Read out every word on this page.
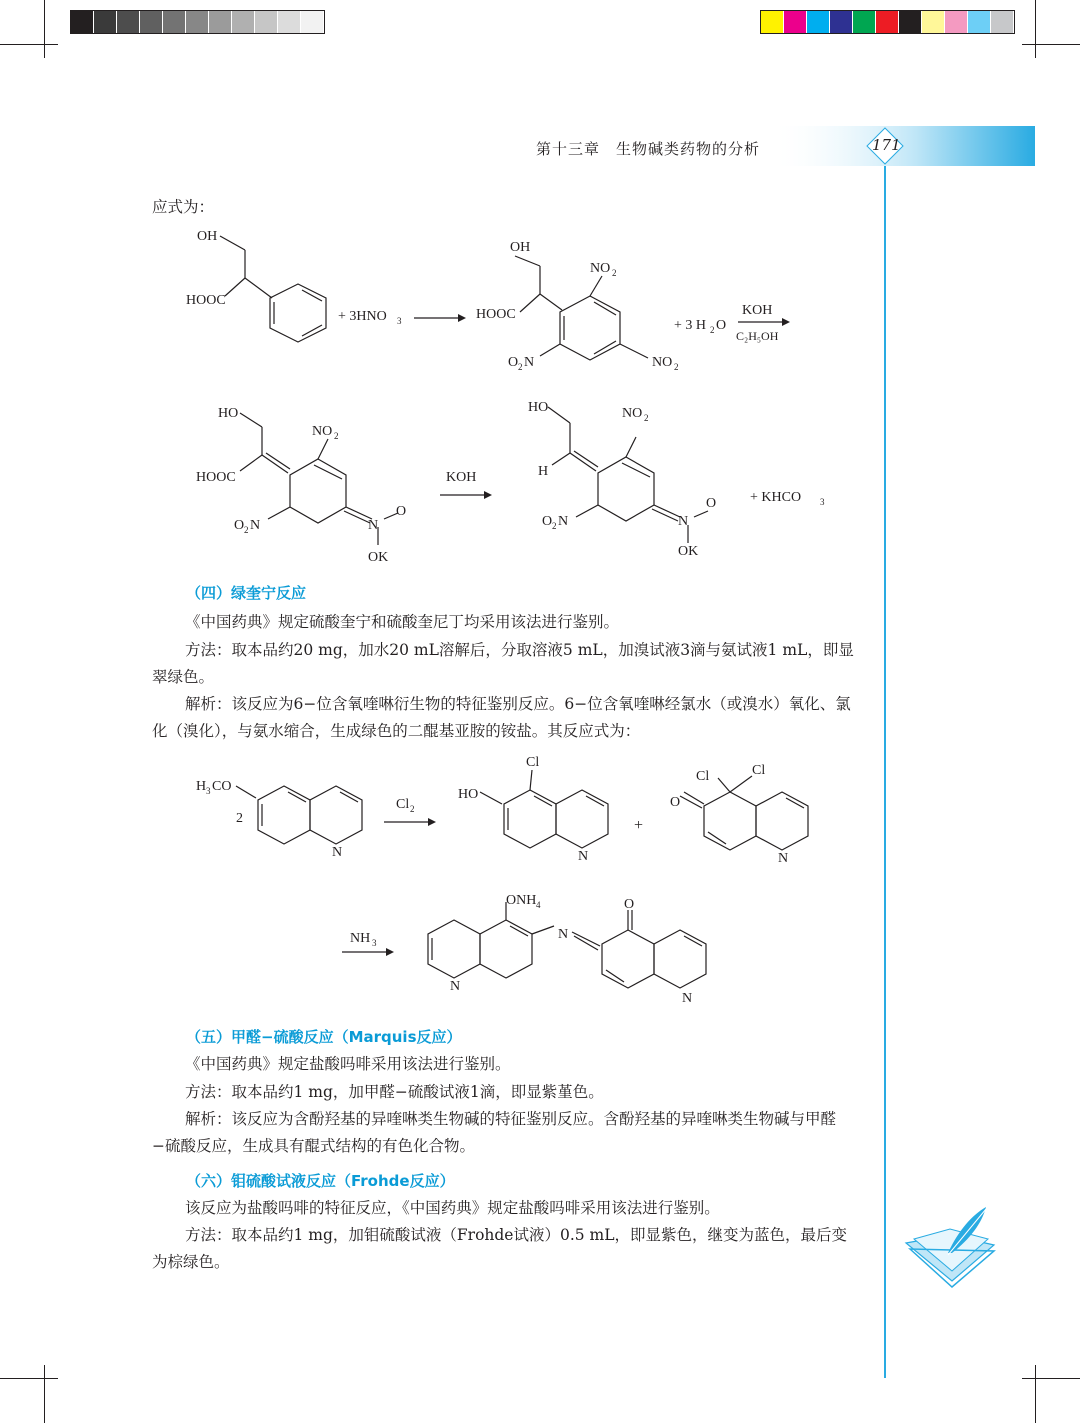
第十三章　生物碱类药物的分析	171
应式为：
OH
HOOC
+ 3HNO 3
OH
HOOC
NO 2
O 2 N	NO 2
+ 3 H 2 O
KOH
C₂H₅OH
HO
HOOC
NO 2
O 2 N	N
O
OK
KOH
HO	NO 2
H
O 2 N	N
O
OK
+ KHCO 3
（四）绿奎宁反应
《中国药典》规定硫酸奎宁和硫酸奎尼丁均采用该法进行鉴别。
方法：取本品约20 mg，加水20 mL溶解后，分取溶液5 mL，加溴试液3滴与氨试液1 mL，即显翠绿色。
解析：该反应为6−位含氧喹啉衍生物的特征鉴别反应。6−位含氧喹啉经氯水（或溴水）氧化、氯化（溴化），与氨水缩合，生成绿色的二醌基亚胺的铵盐。其反应式为：
H 3 CO
2
N
Cl 2
Cl
HO
N
+
O
Cl	Cl
N
NH 3
N
ONH 4
N
O
N
（五）甲醛−硫酸反应（Marquis反应）
《中国药典》规定盐酸吗啡采用该法进行鉴别。
方法：取本品约1 mg，加甲醛−硫酸试液1滴，即显紫堇色。
解析：该反应为含酚羟基的异喹啉类生物碱的特征鉴别反应。含酚羟基的异喹啉类生物碱与甲醛−硫酸反应，生成具有醌式结构的有色化合物。
（六）钼硫酸试液反应（Frohde反应）
该反应为盐酸吗啡的特征反应，《中国药典》规定盐酸吗啡采用该法进行鉴别。
方法：取本品约1 mg，加钼硫酸试液（Frohde试液）0.5 mL，即显紫色，继变为蓝色，最后变为棕绿色。
